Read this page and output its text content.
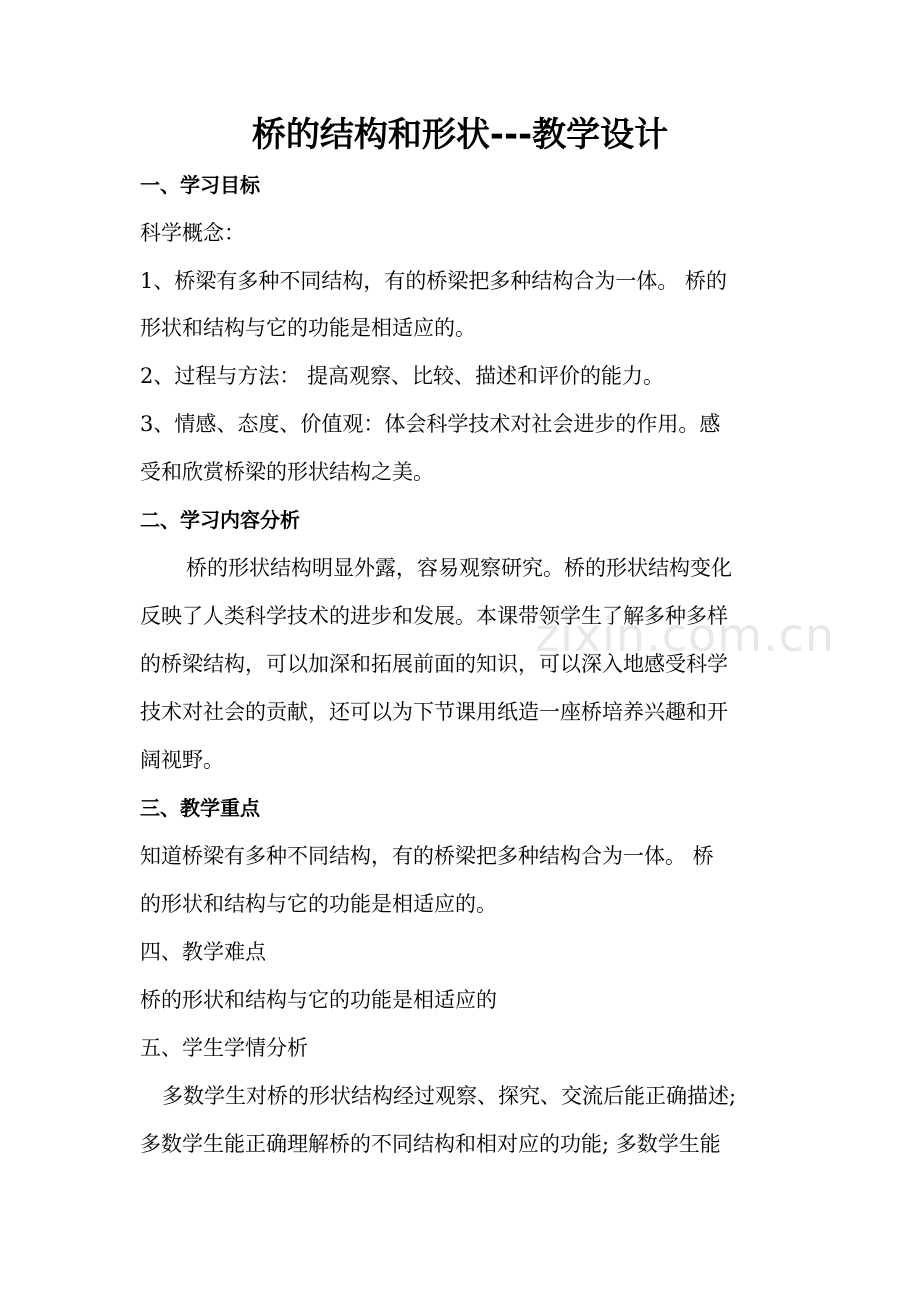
桥的结构和形状---教学设计
一、学习目标
科学概念：
1、桥梁有多种不同结构，有的桥梁把多种结构合为一体。 桥的
形状和结构与它的功能是相适应的。
2、过程与方法： 提高观察、比较、描述和评价的能力。
3、情感、态度、价值观：体会科学技术对社会进步的作用。感
受和欣赏桥梁的形状结构之美。
二、学习内容分析
桥的形状结构明显外露，容易观察研究。桥的形状结构变化
反映了人类科学技术的进步和发展。本课带领学生了解多种多样
的桥梁结构，可以加深和拓展前面的知识，可以深入地感受科学
技术对社会的贡献，还可以为下节课用纸造一座桥培养兴趣和开
阔视野。
三、教学重点
知道桥梁有多种不同结构，有的桥梁把多种结构合为一体。 桥
的形状和结构与它的功能是相适应的。
四、教学难点
桥的形状和结构与它的功能是相适应的
五、学生学情分析
多数学生对桥的形状结构经过观察、探究、交流后能正确描述;
多数学生能正确理解桥的不同结构和相对应的功能; 多数学生能
zixin.com.cn
